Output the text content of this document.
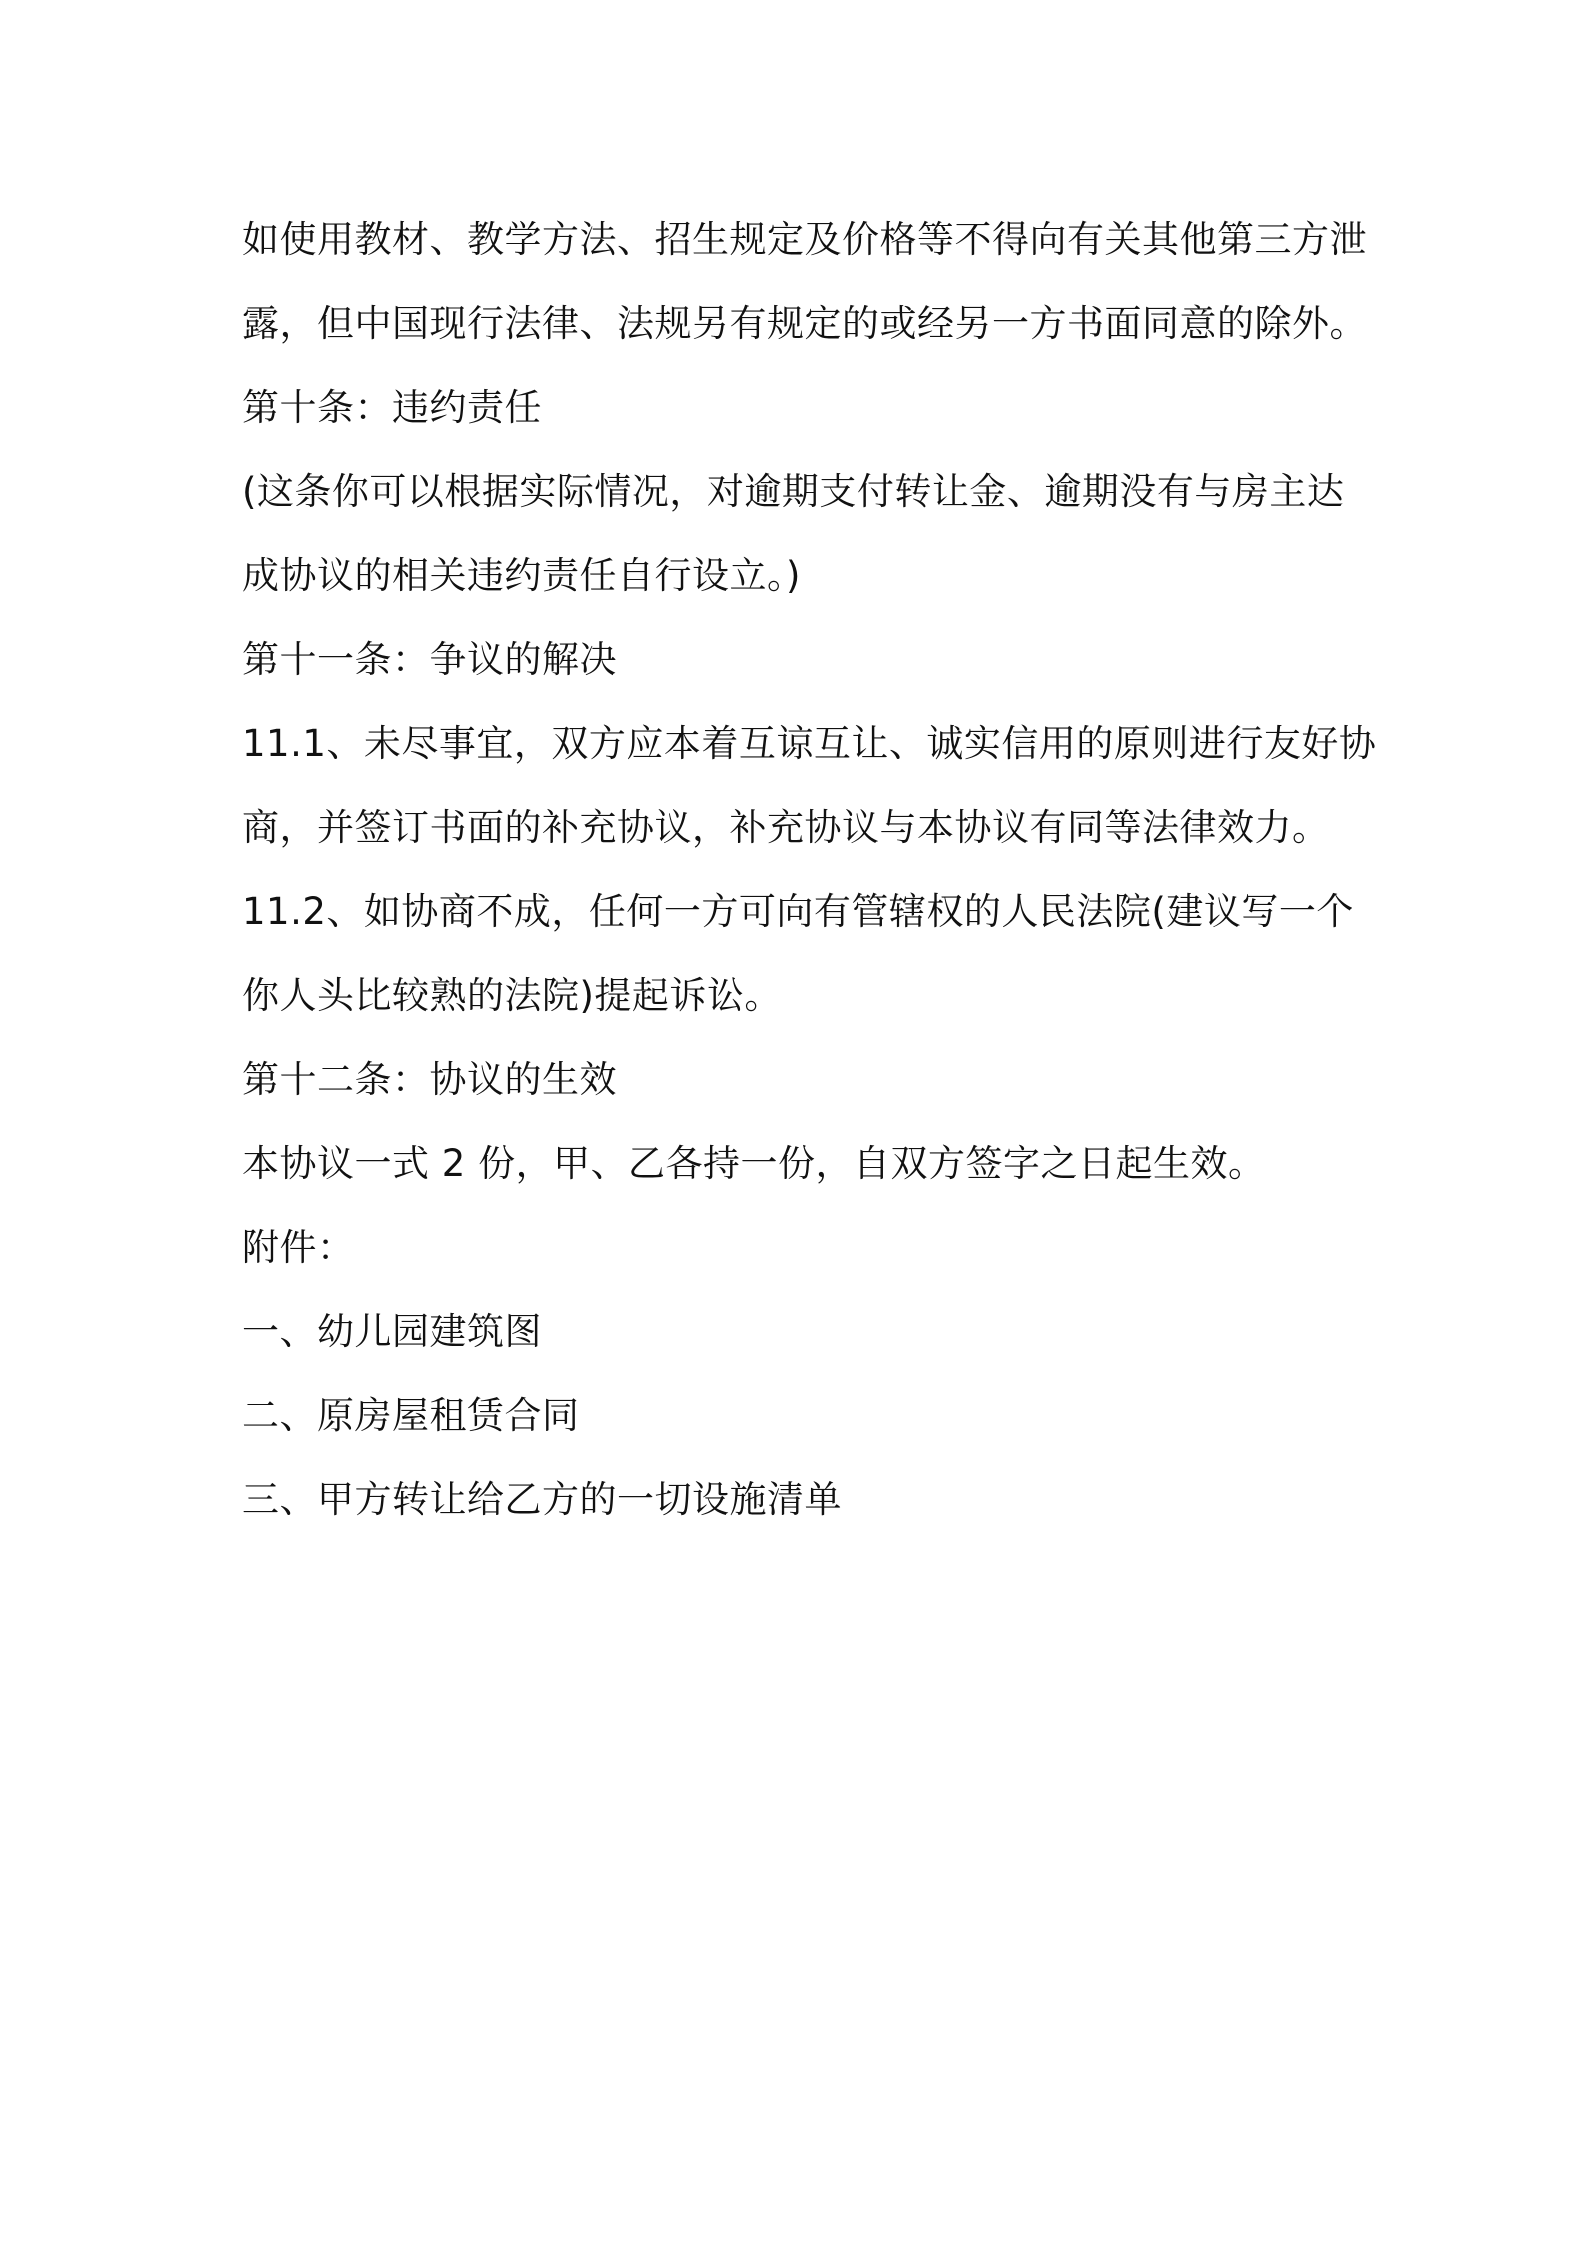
如使用教材、教学方法、招生规定及价格等不得向有关其他第三方泄
露，但中国现行法律、法规另有规定的或经另一方书面同意的除外。
第十条：违约责任
(这条你可以根据实际情况，对逾期支付转让金、逾期没有与房主达
成协议的相关违约责任自行设立。)
第十一条：争议的解决
11.1、未尽事宜，双方应本着互谅互让、诚实信用的原则进行友好协
商，并签订书面的补充协议，补充协议与本协议有同等法律效力。
11.2、如协商不成，任何一方可向有管辖权的人民法院(建议写一个
你人头比较熟的法院)提起诉讼。
第十二条：协议的生效
本协议一式 2 份，甲、乙各持一份，自双方签字之日起生效。
附件：
一、幼儿园建筑图
二、原房屋租赁合同
三、甲方转让给乙方的一切设施清单
